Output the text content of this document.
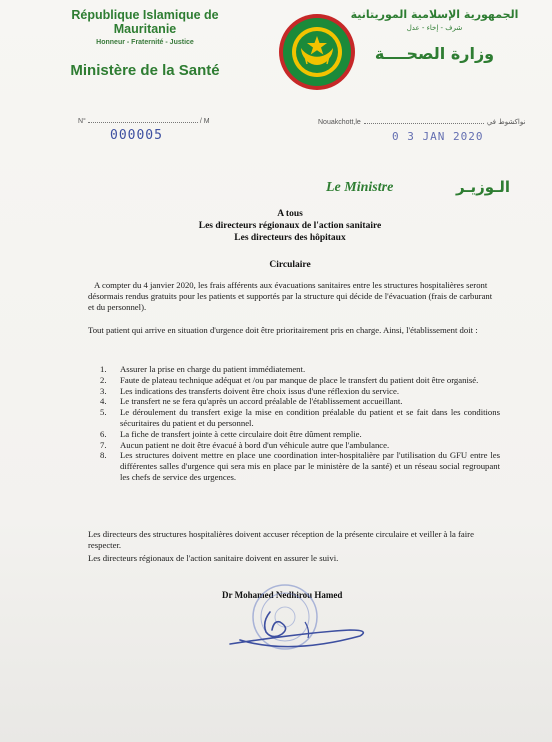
République Islamique de Mauritanie
Honneur - Fraternité - Justice
Ministère de la Santé
الجمهورية الإسلامية الموريتانية
شرف - إخاء - عدل
وزارة الصحــــة
N°	/ M
000005
Nouakchott,le	نواكشوط في
0 3 JAN 2020
Le Ministre	الـوزيـر
A tous
Les directeurs régionaux de l'action sanitaire
Les directeurs des hôpitaux
Circulaire
A compter du 4 janvier 2020, les frais afférents aux évacuations sanitaires entre les structures hospitalières seront désormais rendus gratuits pour les patients et supportés par la structure qui décide de l'évacuation (frais de carburant et du personnel).
Tout patient qui arrive en situation d'urgence doit être prioritairement pris en charge. Ainsi, l'établissement doit :
1. Assurer la prise en charge du patient immédiatement.
2. Faute de plateau technique adéquat et /ou par manque de place le transfert du patient doit être organisé.
3. Les indications des transferts doivent être choix issus d'une réflexion du service.
4. Le transfert ne se fera qu'après un accord préalable de l'établissement accueillant.
5. Le déroulement du transfert exige la mise en condition préalable du patient et se fait dans les conditions sécuritaires du patient et du personnel.
6. La fiche de transfert jointe à cette circulaire doit être dûment remplie.
7. Aucun patient ne doit être évacué à bord d'un véhicule autre que l'ambulance.
8. Les structures doivent mettre en place une coordination inter-hospitalière par l'utilisation du GFU entre les différentes salles d'urgence qui sera mis en place par le ministère de la santé) et un réseau social regroupant les chefs de service des urgences.
Les directeurs des structures hospitalières doivent accuser réception de la présente circulaire et veiller à la faire respecter.
Les directeurs régionaux de l'action sanitaire doivent en assurer le suivi.
Dr Mohamed Nedhirou Hamed
